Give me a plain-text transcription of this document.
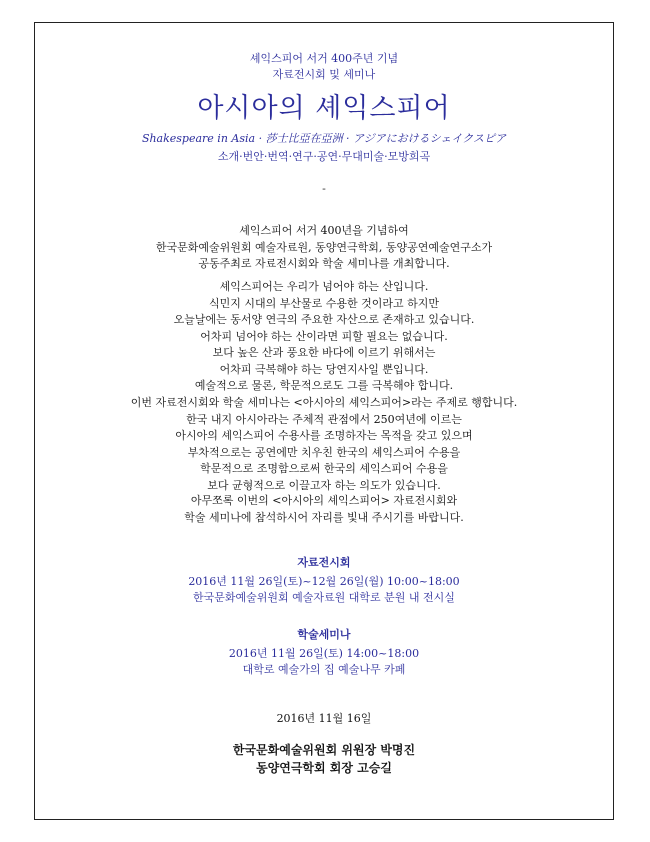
셰익스피어 서거 400주년 기념
자료전시회 및 세미나
아시아의 셰익스피어
Shakespeare in Asia · 莎士比亞在亞洲 · アジアにおけるシェイクスピア
소개·번안·번역·연구·공연·무대미술·모방희곡
-
셰익스피어 서거 400년을 기념하여
한국문화예술위원회 예술자료원, 동양연극학회, 동양공연예술연구소가
공동주최로 자료전시회와 학술 세미나를 개최합니다.
셰익스피어는 우리가 넘어야 하는 산입니다.
식민지 시대의 부산물로 수용한 것이라고 하지만
오늘날에는 동서양 연극의 주요한 자산으로 존재하고 있습니다.
어차피 넘어야 하는 산이라면 피할 필요는 없습니다.
보다 높은 산과 풍요한 바다에 이르기 위해서는
어차피 극복해야 하는 당연지사일 뿐입니다.
예술적으로 물론, 학문적으로도 그를 극복해야 합니다.
이번 자료전시회와 학술 세미나는 <아시아의 셰익스피어>라는 주제로 행합니다.
한국 내지 아시아라는 주체적 관점에서 250여년에 이르는
아시아의 셰익스피어 수용사를 조명하자는 목적을 갖고 있으며
부차적으로는 공연에만 치우친 한국의 셰익스피어 수용을
학문적으로 조명함으로써 한국의 셰익스피어 수용을
보다 균형적으로 이끌고자 하는 의도가 있습니다.
아무쪼록 이번의 <아시아의 셰익스피어> 자료전시회와
학술 세미나에 참석하시어 자리를 빛내 주시기를 바랍니다.
자료전시회
2016년 11월 26일(토)~12월 26일(월) 10:00~18:00
한국문화예술위원회 예술자료원 대학로 분원 내 전시실
학술세미나
2016년 11월 26일(토) 14:00~18:00
대학로 예술가의 집 예술나무 카페
2016년 11월 16일
한국문화예술위원회 위원장 박명진
동양연극학회 회장 고승길
